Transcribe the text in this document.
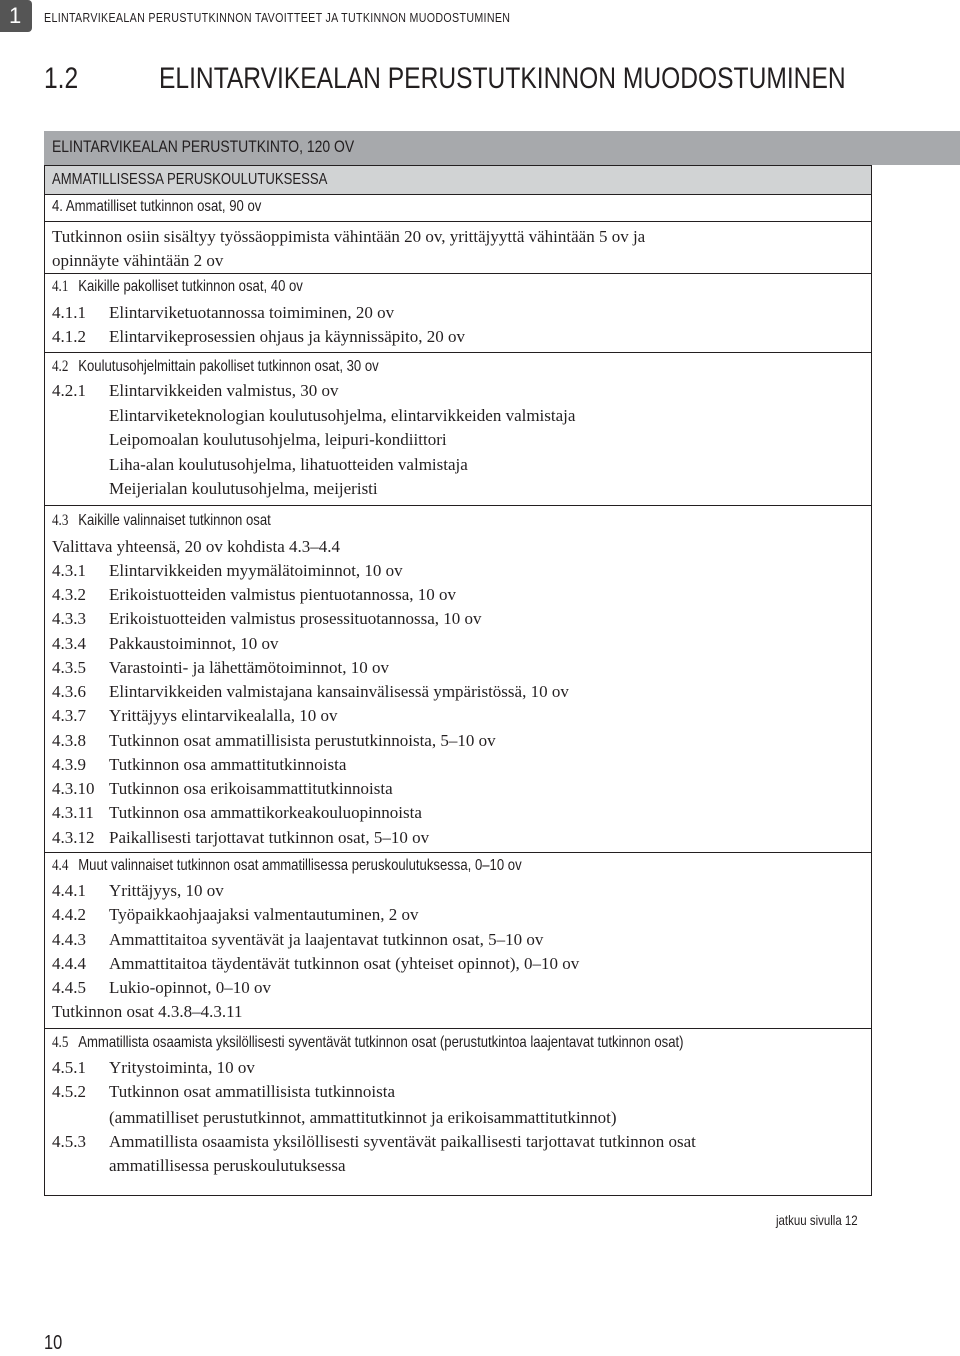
1 ELINTARVIKEALAN PERUSTUTKINNON TAVOITTEET JA TUTKINNON MUODOSTUMINEN
1.2	ELINTARVIKEALAN PERUSTUTKINNON MUODOSTUMINEN
ELINTARVIKEALAN PERUSTUTKINTO, 120 OV
AMMATILLISESSA PERUSKOULUTUKSESSA
4. Ammatilliset tutkinnon osat, 90 ov
Tutkinnon osiin sisältyy työssäoppimista vähintään 20 ov, yrittäjyyttä vähintään 5 ov ja
opinnäyte vähintään 2 ov
4.1 Kaikille pakolliset tutkinnon osat, 40 ov
4.1.1 Elintarviketuotannossa toimiminen, 20 ov
4.1.2 Elintarvikeprosessien ohjaus ja käynnissäpito, 20 ov
4.2 Koulutusohjelmittain pakolliset tutkinnon osat, 30 ov
4.2.1 Elintarvikkeiden valmistus, 30 ov
Elintarviketeknologian koulutusohjelma, elintarvikkeiden valmistaja
Leipomoalan koulutusohjelma, leipuri-kondiittori
Liha-alan koulutusohjelma, lihatuotteiden valmistaja
Meijerialan koulutusohjelma, meijeristi
4.3 Kaikille valinnaiset tutkinnon osat
Valittava yhteensä, 20 ov kohdista 4.3–4.4
4.3.1 Elintarvikkeiden myymälätoiminnot, 10 ov
4.3.2 Erikoistuotteiden valmistus pientuotannossa, 10 ov
4.3.3 Erikoistuotteiden valmistus prosessituotannossa, 10 ov
4.3.4 Pakkaustoiminnot, 10 ov
4.3.5 Varastointi- ja lähettämötoiminnot, 10 ov
4.3.6 Elintarvikkeiden valmistajana kansainvälisessä ympäristössä, 10 ov
4.3.7 Yrittäjyys elintarvikealalla, 10 ov
4.3.8 Tutkinnon osat ammatillisista perustutkinnoista, 5–10 ov
4.3.9 Tutkinnon osa ammattitutkinnoista
4.3.10 Tutkinnon osa erikoisammattitutkinnoista
4.3.11 Tutkinnon osa ammattikorkeakouluopinnoista
4.3.12 Paikallisesti tarjottavat tutkinnon osat, 5–10 ov
4.4 Muut valinnaiset tutkinnon osat ammatillisessa peruskoulutuksessa, 0–10 ov
4.4.1 Yrittäjyys, 10 ov
4.4.2 Työpaikkaohjaajaksi valmentautuminen, 2 ov
4.4.3 Ammattitaitoa syventävät ja laajentavat tutkinnon osat, 5–10 ov
4.4.4 Ammattitaitoa täydentävät tutkinnon osat (yhteiset opinnot), 0–10 ov
4.4.5 Lukio-opinnot, 0–10 ov
Tutkinnon osat 4.3.8–4.3.11
4.5 Ammatillista osaamista yksilöllisesti syventävät tutkinnon osat (perustutkintoa laajentavat tutkinnon osat)
4.5.1 Yritystoiminta, 10 ov
4.5.2 Tutkinnon osat ammatillisista tutkinnoista
(ammatilliset perustutkinnot, ammattitutkinnot ja erikoisammattitutkinnot)
4.5.3 Ammatillista osaamista yksilöllisesti syventävät paikallisesti tarjottavat tutkinnon osat
ammatillisessa peruskoulutuksessa
jatkuu sivulla 12
10
